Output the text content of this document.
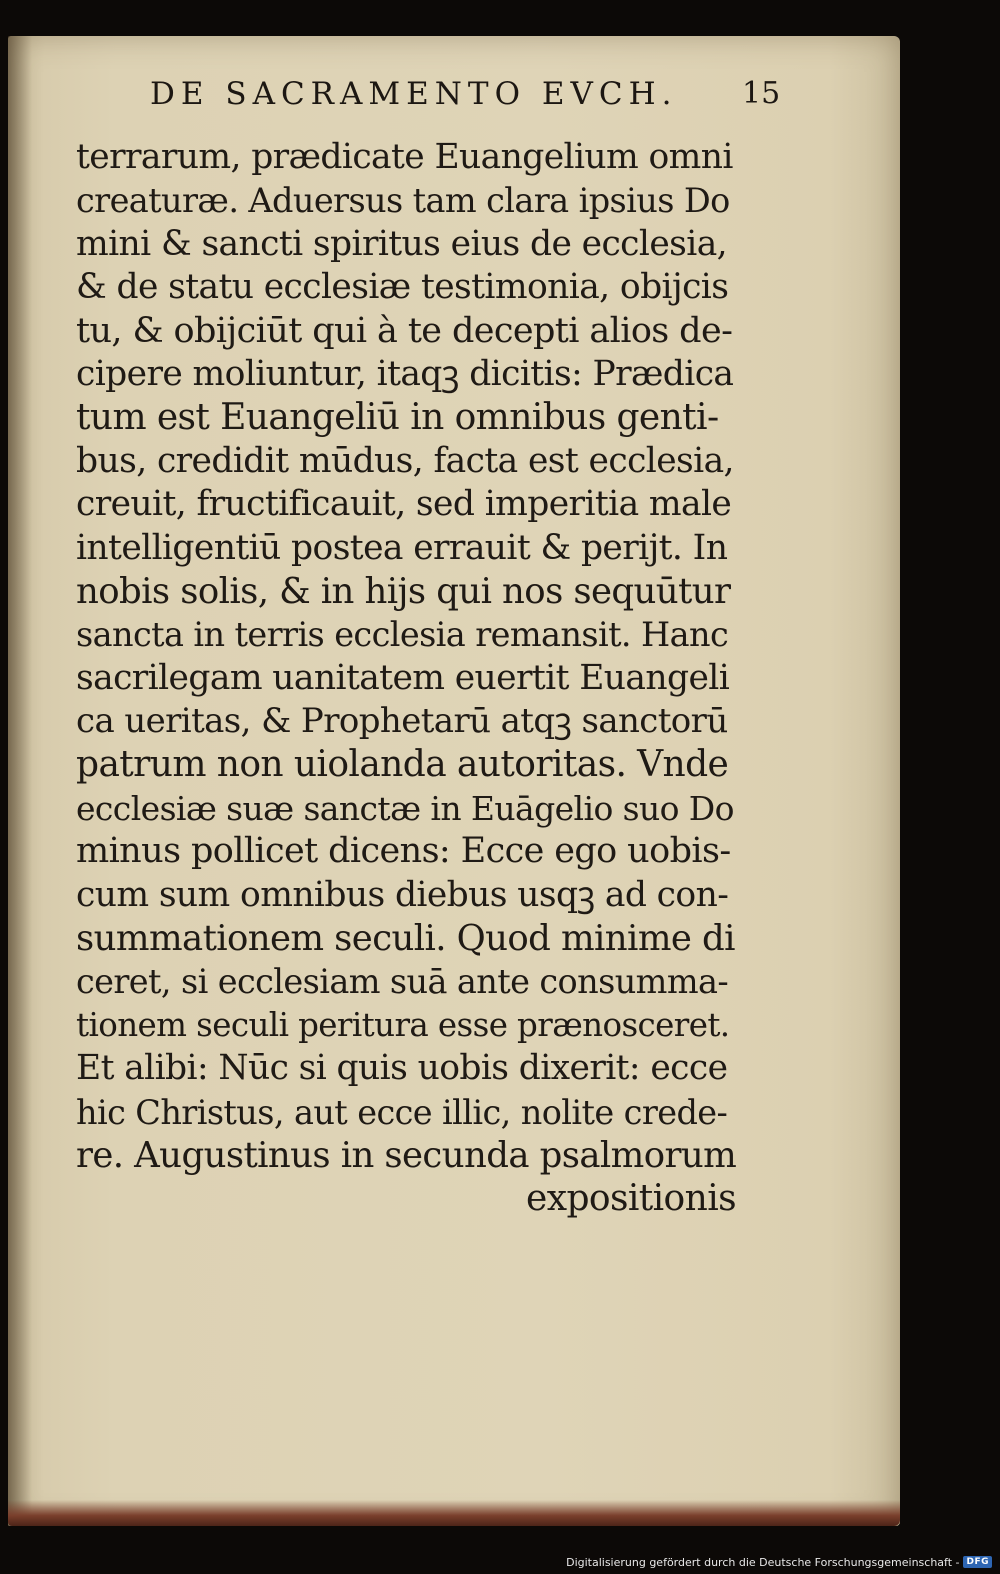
DE SACRAMENTO EVCH.	15
terrarum, prædicate Euangelium omni
creaturæ. Aduersus tam clara ipsius Do
mini & sancti spiritus eius de ecclesia,
& de statu ecclesiæ testimonia, obijcis
tu, & obijciūt qui à te decepti alios de-
cipere moliuntur, itaqꝫ dicitis: Prædica
tum est Euangeliū in omnibus genti-
bus, credidit mūdus, facta est ecclesia,
creuit, fructificauit, sed imperitia male
intelligentiū postea errauit & perijt. In
nobis solis, & in hijs qui nos sequūtur
sancta in terris ecclesia remansit. Hanc
sacrilegam uanitatem euertit Euangeli
ca ueritas, & Prophetarū atqꝫ sanctorū
patrum non uiolanda autoritas. Vnde
ecclesiæ suæ sanctæ in Euāgelio suo Do
minus pollicet dicens: Ecce ego uobis-
cum sum omnibus diebus usqꝫ ad con-
summationem seculi. Quod minime di
ceret, si ecclesiam suā ante consumma-
tionem seculi peritura esse prænosceret.
Et alibi: Nūc si quis uobis dixerit: ecce
hic Christus, aut ecce illic, nolite crede-
re. Augustinus in secunda psalmorum
expositionis
Digitalisierung gefördert durch die Deutsche Forschungsgemeinschaft - DFG
